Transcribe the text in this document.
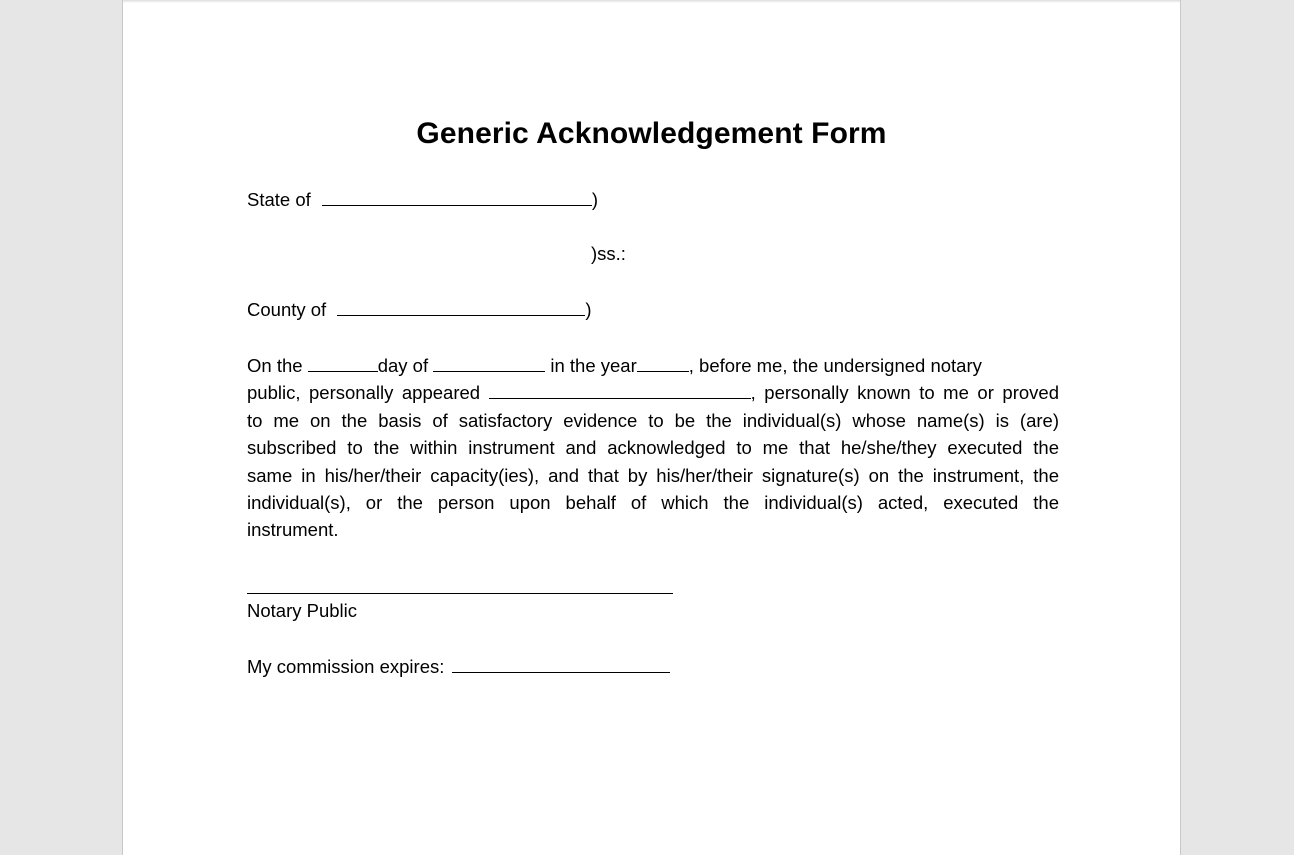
Generic Acknowledgement Form
State of	)
)ss.:
County of	)
On the	day of	in the year	, before me, the undersigned notary
public, personally appeared	, personally known to me or proved
to me on the basis of satisfactory evidence to be the individual(s) whose name(s) is (are)
subscribed to the within instrument and acknowledged to me that he/she/they executed the
same in his/her/their capacity(ies), and that by his/her/their signature(s) on the instrument, the
individual(s), or the person upon behalf of which the individual(s) acted, executed the
instrument.
Notary Public
My commission expires:
